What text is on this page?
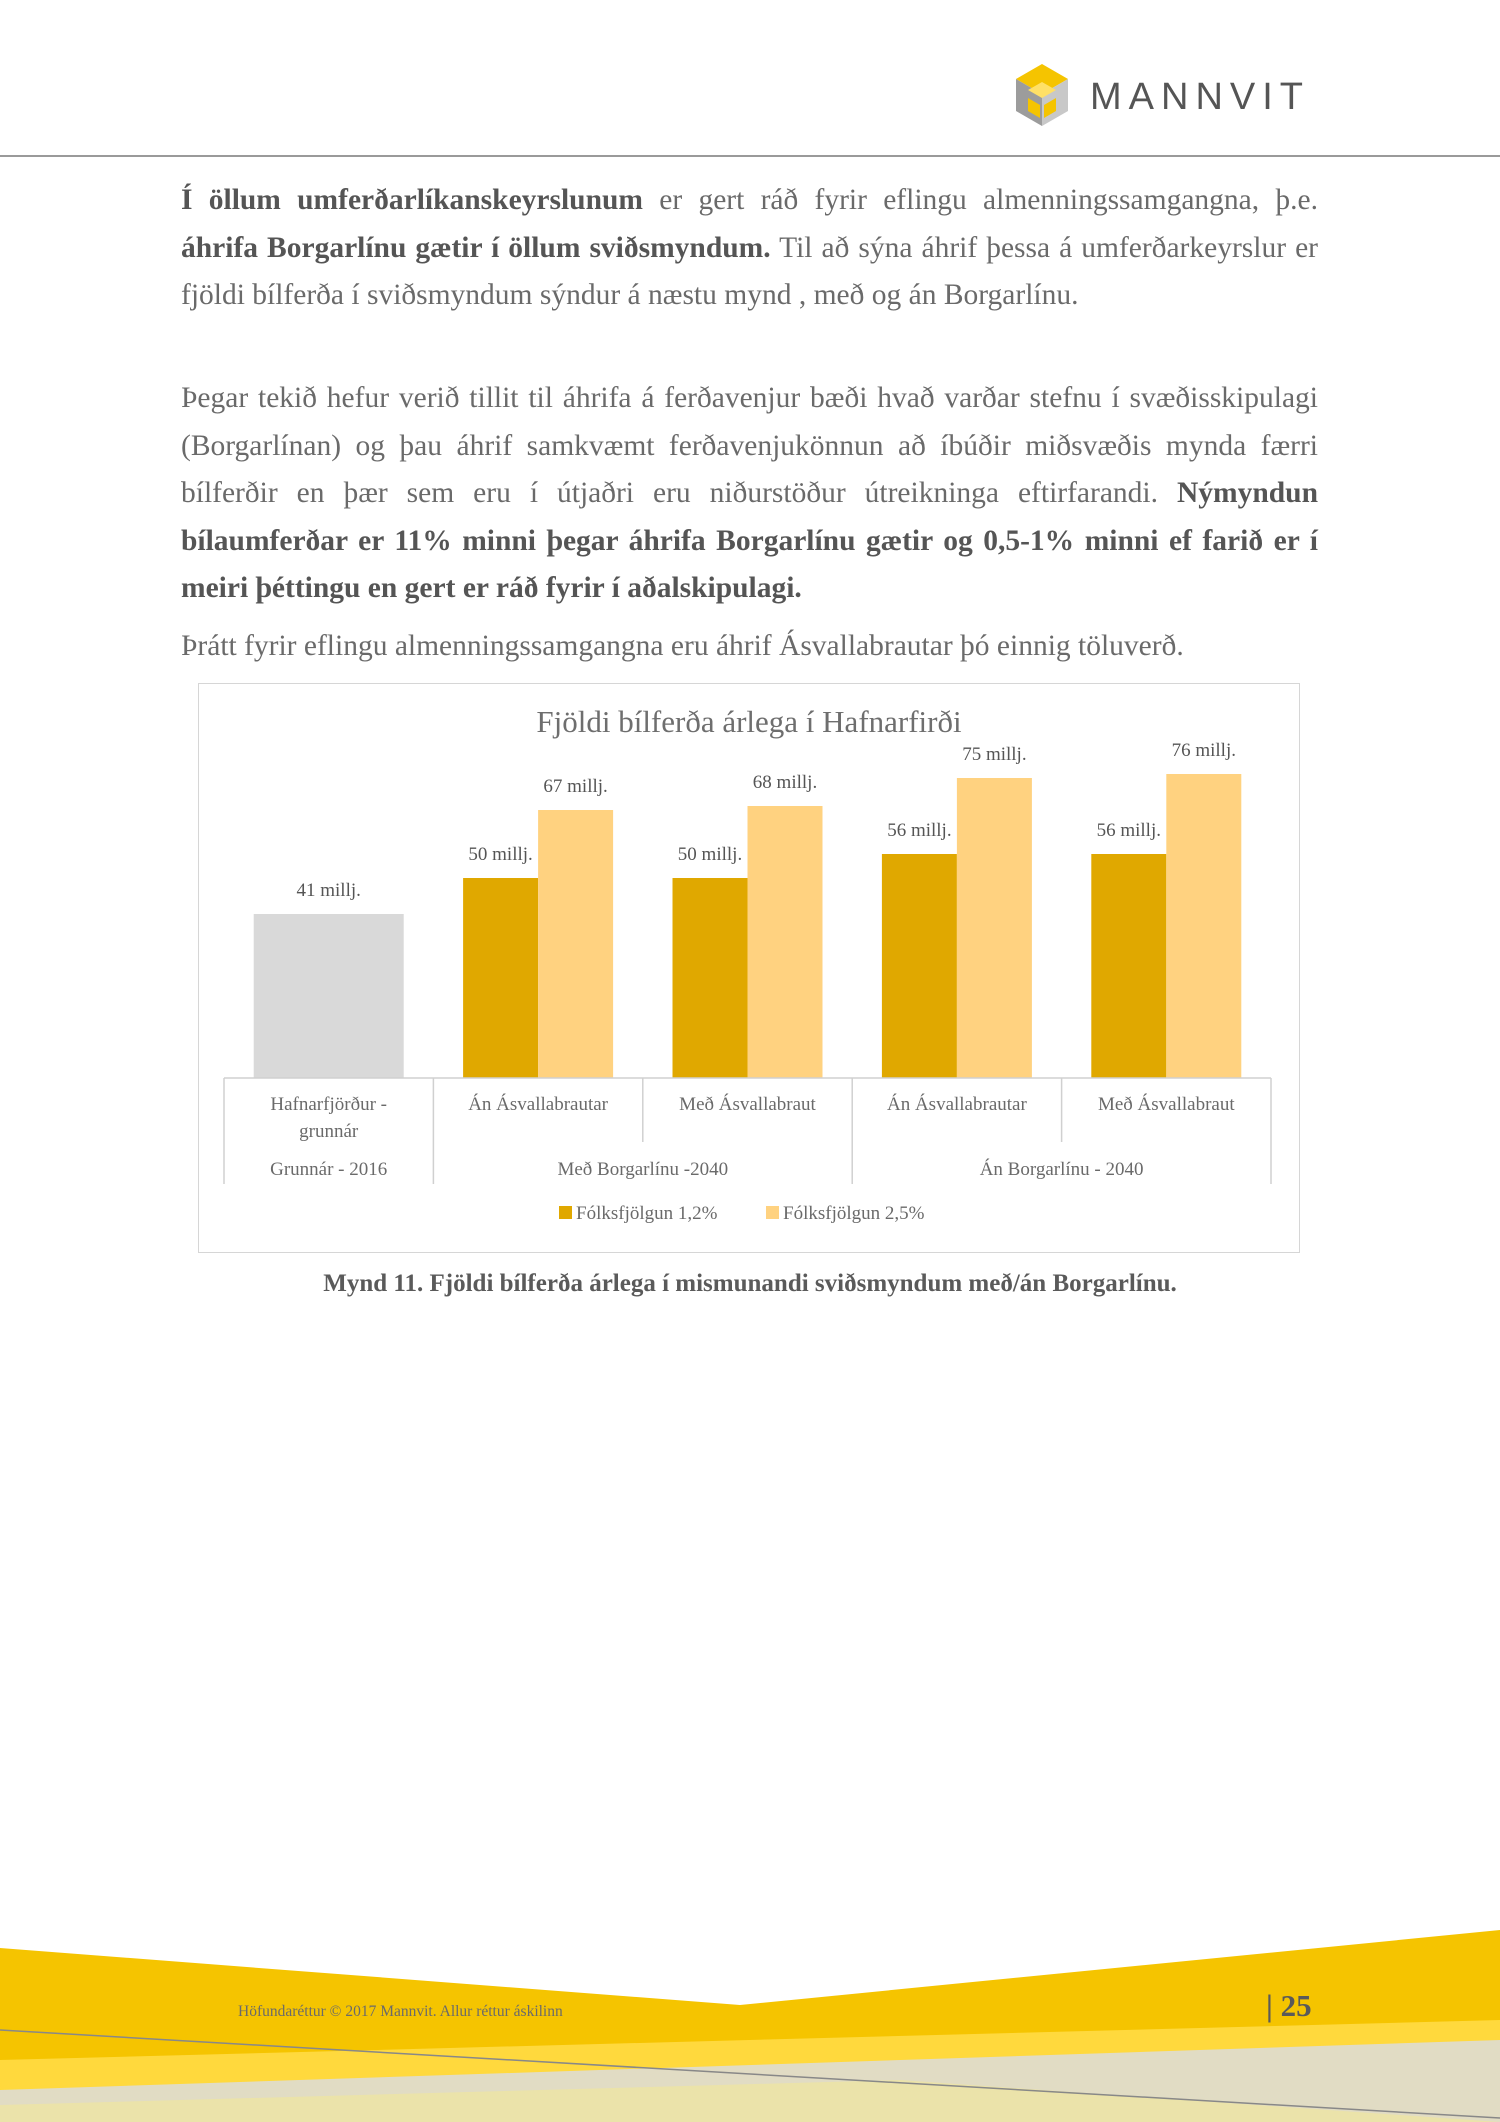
MANNVIT

Í öllum umferðarlíkanskeyrslunum er gert ráð fyrir eflingu almenningssamgangna, þ.e. áhrifa Borgarlínu gætir í öllum sviðsmyndum. Til að sýna áhrif þessa á umferðarkeyrslur er fjöldi bílferða í sviðsmyndum sýndur á næstu mynd , með og án Borgarlínu.

Þegar tekið hefur verið tillit til áhrifa á ferðavenjur bæði hvað varðar stefnu í svæðisskipulagi (Borgarlínan) og þau áhrif samkvæmt ferðavenjukönnun að íbúðir miðsvæðis mynda færri bílferðir en þær sem eru í útjaðri eru niðurstöður útreikninga eftirfarandi. Nýmyndun bílaumferðar er 11% minni þegar áhrifa Borgarlínu gætir og 0,5-1% minni ef farið er í meiri þéttingu en gert er ráð fyrir í aðalskipulagi.

Þrátt fyrir eflingu almenningssamgangna eru áhrif Ásvallabrautar þó einnig töluverð.

Fjöldi bílferða árlega í Hafnarfirði
41 millj.
50 millj.
67 millj.
50 millj.
68 millj.
56 millj.
75 millj.
56 millj.
76 millj.
Hafnarfjörður -
grunnár
Án Ásvallabrautar	Með Ásvallabraut	Án Ásvallabrautar	Með Ásvallabraut
Grunnár - 2016	Með Borgarlínu -2040	Án Borgarlínu - 2040
Fólksfjölgun 1,2%	Fólksfjölgun 2,5%
Mynd 11. Fjöldi bílferða árlega í mismunandi sviðsmyndum með/án Borgarlínu.
Höfundaréttur © 2017 Mannvit. Allur réttur áskilinn	| 25
